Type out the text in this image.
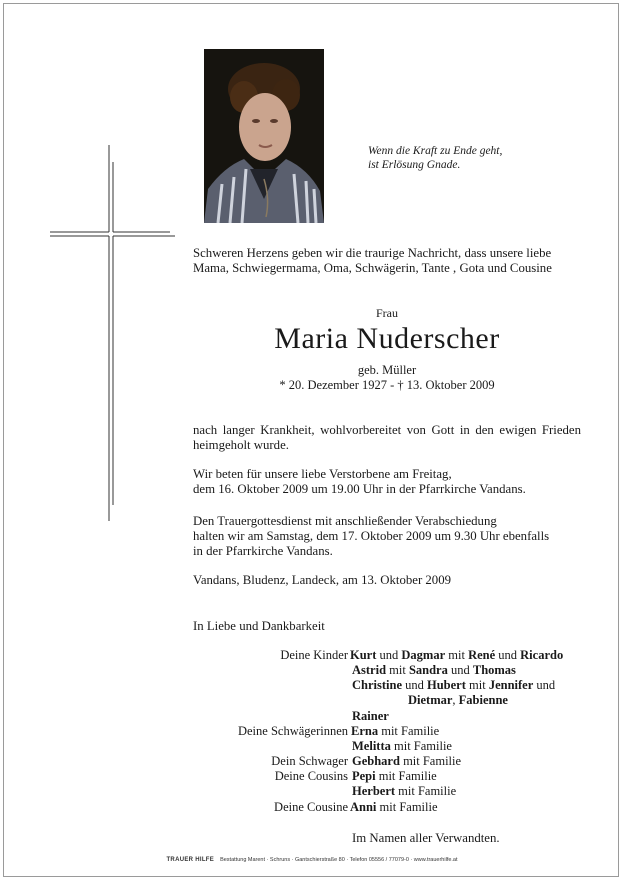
Wenn die Kraft zu Ende geht,
ist Erlösung Gnade.
Schweren Herzens geben wir die traurige Nachricht, dass unsere liebe
Mama, Schwiegermama, Oma, Schwägerin, Tante , Gota und Cousine
Frau
Maria Nuderscher
geb. Müller
* 20. Dezember 1927 - † 13. Oktober 2009
nach langer Krankheit, wohlvorbereitet von Gott in den ewigen Frieden heimgeholt wurde.
Wir beten für unsere liebe Verstorbene am Freitag,
dem 16. Oktober 2009 um 19.00 Uhr in der Pfarrkirche Vandans.
Den Trauergottesdienst mit anschließender Verabschiedung
halten wir am Samstag, dem 17. Oktober 2009 um 9.30 Uhr ebenfalls
in der Pfarrkirche Vandans.
Vandans, Bludenz, Landeck, am 13. Oktober 2009
In Liebe und Dankbarkeit
Deine Kinder Kurt und Dagmar mit René und Ricardo
Astrid mit Sandra und Thomas
Christine und Hubert mit Jennifer und
Dietmar, Fabienne
Rainer
Deine Schwägerinnen Erna mit Familie
Melitta mit Familie
Dein Schwager Gebhard mit Familie
Deine Cousins Pepi mit Familie
Herbert mit Familie
Deine Cousine Anni mit Familie
Im Namen aller Verwandten.
TRAUER HILFE Bestattung Marent · Schruns · Gantschierstraße 80 · Telefon 05556 / 77079-0 · www.trauerhilfe.at
